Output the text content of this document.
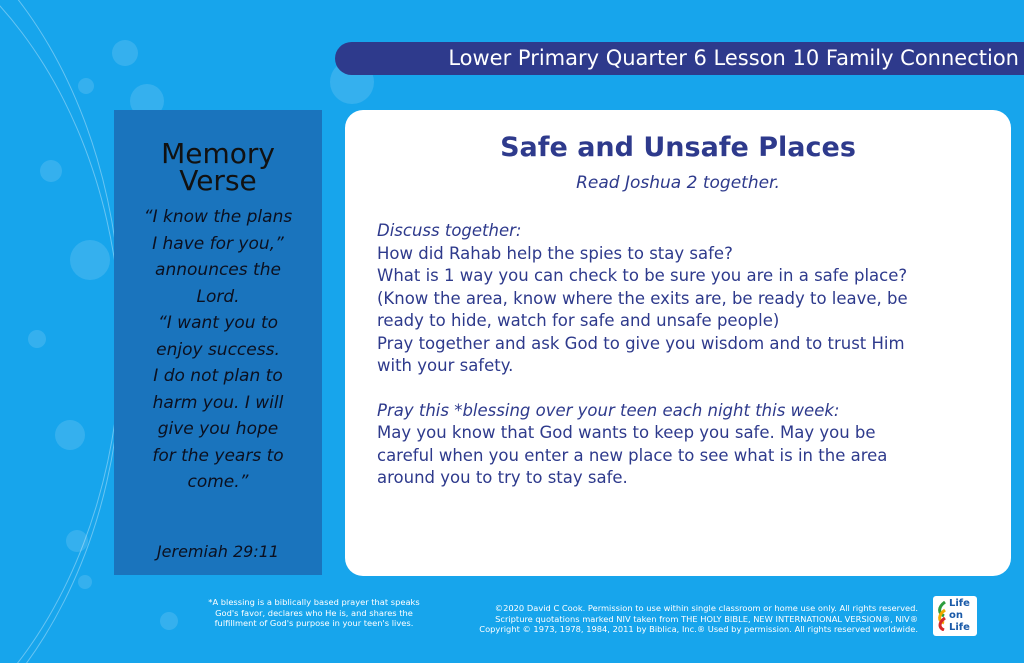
Lower Primary Quarter 6 Lesson 10 Family Connection
Memory
Verse
“I know the plans
I have for you,”
announces the
Lord.
“I want you to
enjoy success.
I do not plan to
harm you. I will
give you hope
for the years to
come.”
Jeremiah 29:11
Safe and Unsafe Places
Read Joshua 2 together.
Discuss together:
How did Rahab help the spies to stay safe?
What is 1 way you can check to be sure you are in a safe place?
(Know the area, know where the exits are, be ready to leave, be
ready to hide, watch for safe and unsafe people)
Pray together and ask God to give you wisdom and to trust Him
with your safety.
Pray this *blessing over your teen each night this week:
May you know that God wants to keep you safe. May you be
careful when you enter a new place to see what is in the area
around you to try to stay safe.
*A blessing is a biblically based prayer that speaks
God's favor, declares who He is, and shares the
fulfillment of God's purpose in your teen's lives.
©2020 David C Cook. Permission to use within single classroom or home use only. All rights reserved.
Scripture quotations marked NIV taken from THE HOLY BIBLE, NEW INTERNATIONAL VERSION®, NIV®
Copyright © 1973, 1978, 1984, 2011 by Biblica, Inc.® Used by permission. All rights reserved worldwide.
Life
on
Life
